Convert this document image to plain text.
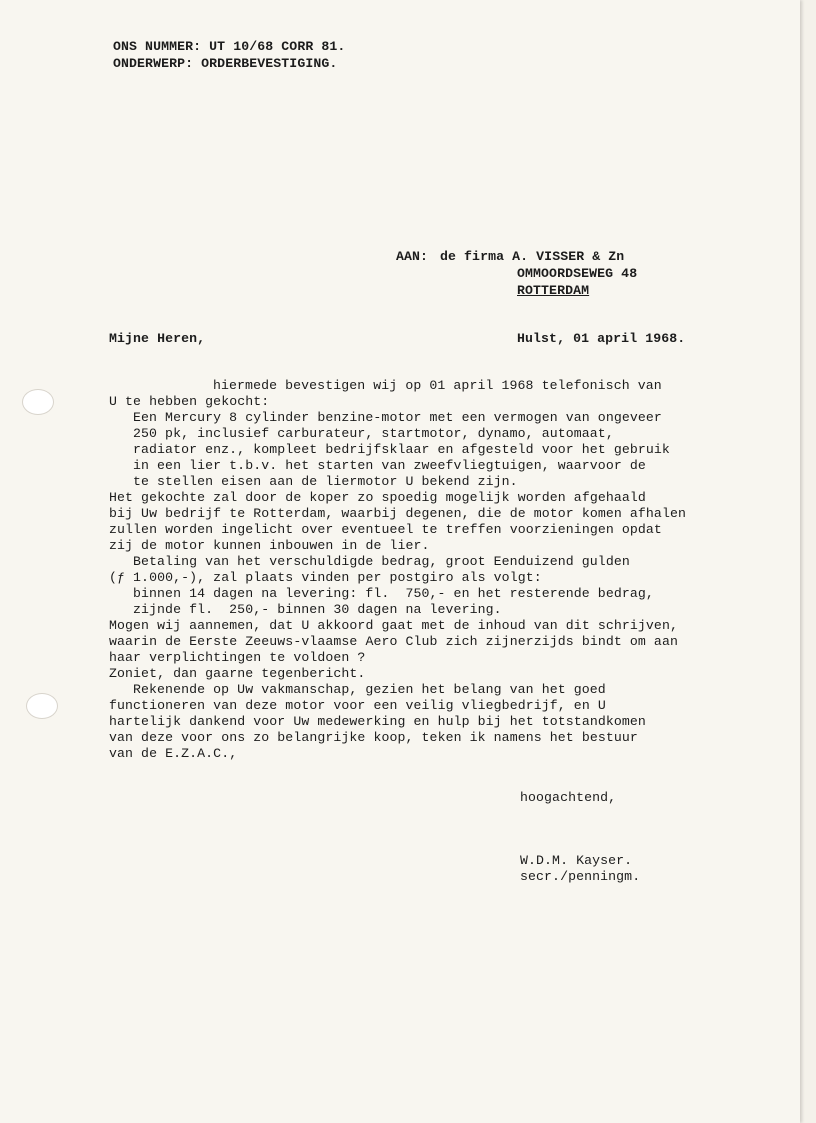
ONS NUMMER: UT 10/68 CORR 81.
ONDERWERP: ORDERBEVESTIGING.
AAN: de firma A. VISSER & Zn
OMMOORDSEWEG 48
ROTTERDAM
Mijne Heren,	Hulst, 01 april 1968.
hiermede bevestigen wij op 01 april 1968 telefonisch van
U te hebben gekocht:
Een Mercury 8 cylinder benzine-motor met een vermogen van ongeveer
250 pk, inclusief carburateur, startmotor, dynamo, automaat,
radiator enz., kompleet bedrijfsklaar en afgesteld voor het gebruik
in een lier t.b.v. het starten van zweefvliegtuigen, waarvoor de
te stellen eisen aan de liermotor U bekend zijn.
Het gekochte zal door de koper zo spoedig mogelijk worden afgehaald
bij Uw bedrijf te Rotterdam, waarbij degenen, die de motor komen afhalen
zullen worden ingelicht over eventueel te treffen voorzieningen opdat
zij de motor kunnen inbouwen in de lier.
Betaling van het verschuldigde bedrag, groot Eenduizend gulden
(ƒ 1.000,-), zal plaats vinden per postgiro als volgt:
binnen 14 dagen na levering: fl.  750,- en het resterende bedrag,
zijnde fl.  250,- binnen 30 dagen na levering.
Mogen wij aannemen, dat U akkoord gaat met de inhoud van dit schrijven,
waarin de Eerste Zeeuws-vlaamse Aero Club zich zijnerzijds bindt om aan
haar verplichtingen te voldoen ?
Zoniet, dan gaarne tegenbericht.
Rekenende op Uw vakmanschap, gezien het belang van het goed
functioneren van deze motor voor een veilig vliegbedrijf, en U
hartelijk dankend voor Uw medewerking en hulp bij het totstandkomen
van deze voor ons zo belangrijke koop, teken ik namens het bestuur
van de E.Z.A.C.,
hoogachtend,
W.D.M. Kayser.
secr./penningm.
